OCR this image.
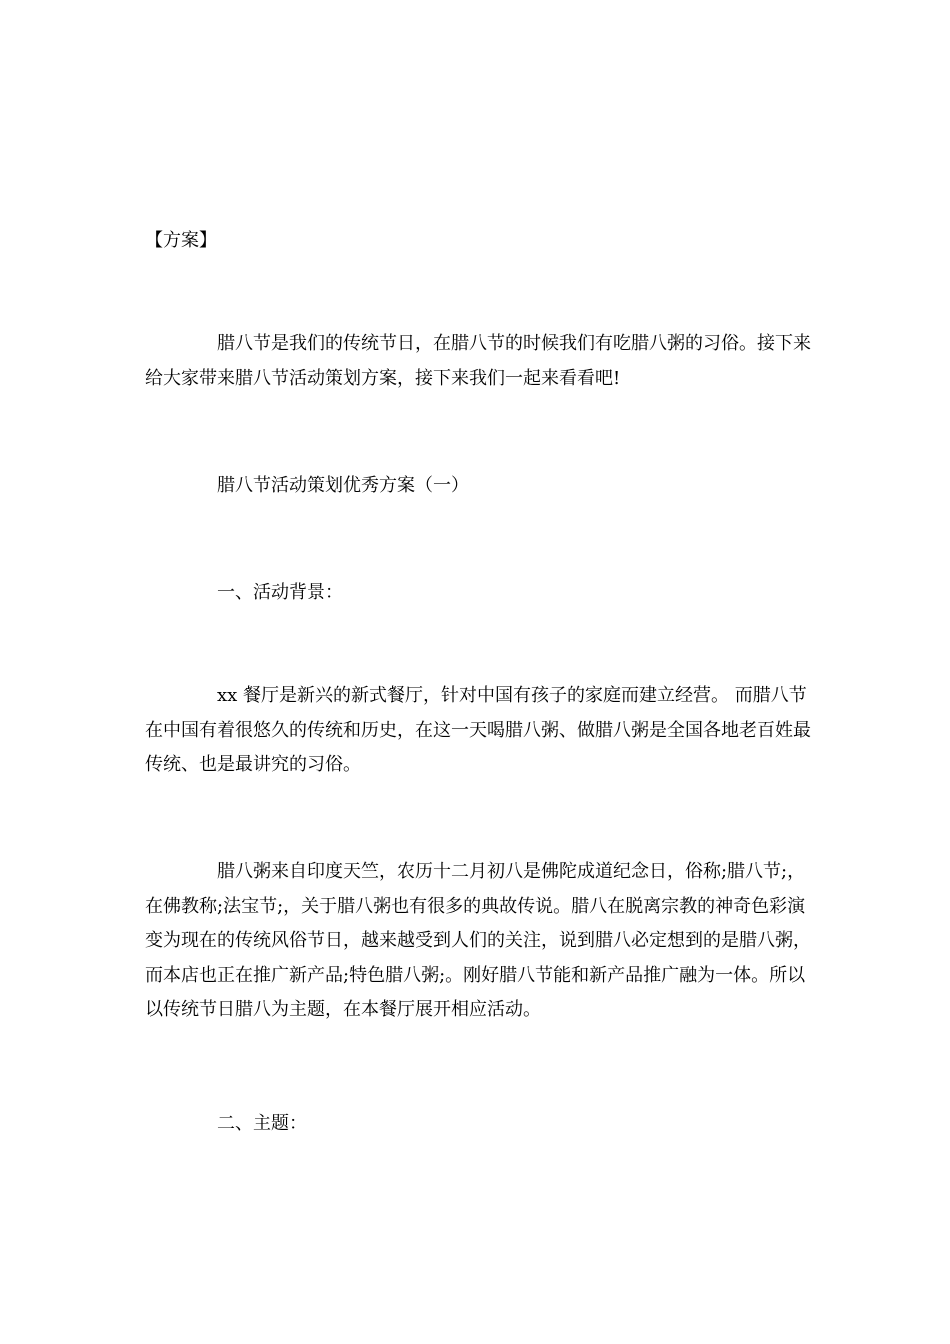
【方案】

腊八节是我们的传统节日，在腊八节的时候我们有吃腊八粥的习俗。接下来给大家带来腊八节活动策划方案，接下来我们一起来看看吧!

腊八节活动策划优秀方案（一）

一、活动背景：

xx 餐厅是新兴的新式餐厅，针对中国有孩子的家庭而建立经营。 而腊八节在中国有着很悠久的传统和历史，在这一天喝腊八粥、做腊八粥是全国各地老百姓最传统、也是最讲究的习俗。

腊八粥来自印度天竺，农历十二月初八是佛陀成道纪念日，俗称;腊八节;，在佛教称;法宝节;，关于腊八粥也有很多的典故传说。腊八在脱离宗教的神奇色彩演变为现在的传统风俗节日，越来越受到人们的关注，说到腊八必定想到的是腊八粥，而本店也正在推广新产品;特色腊八粥;。刚好腊八节能和新产品推广融为一体。所以以传统节日腊八为主题，在本餐厅展开相应活动。

二、主题：
